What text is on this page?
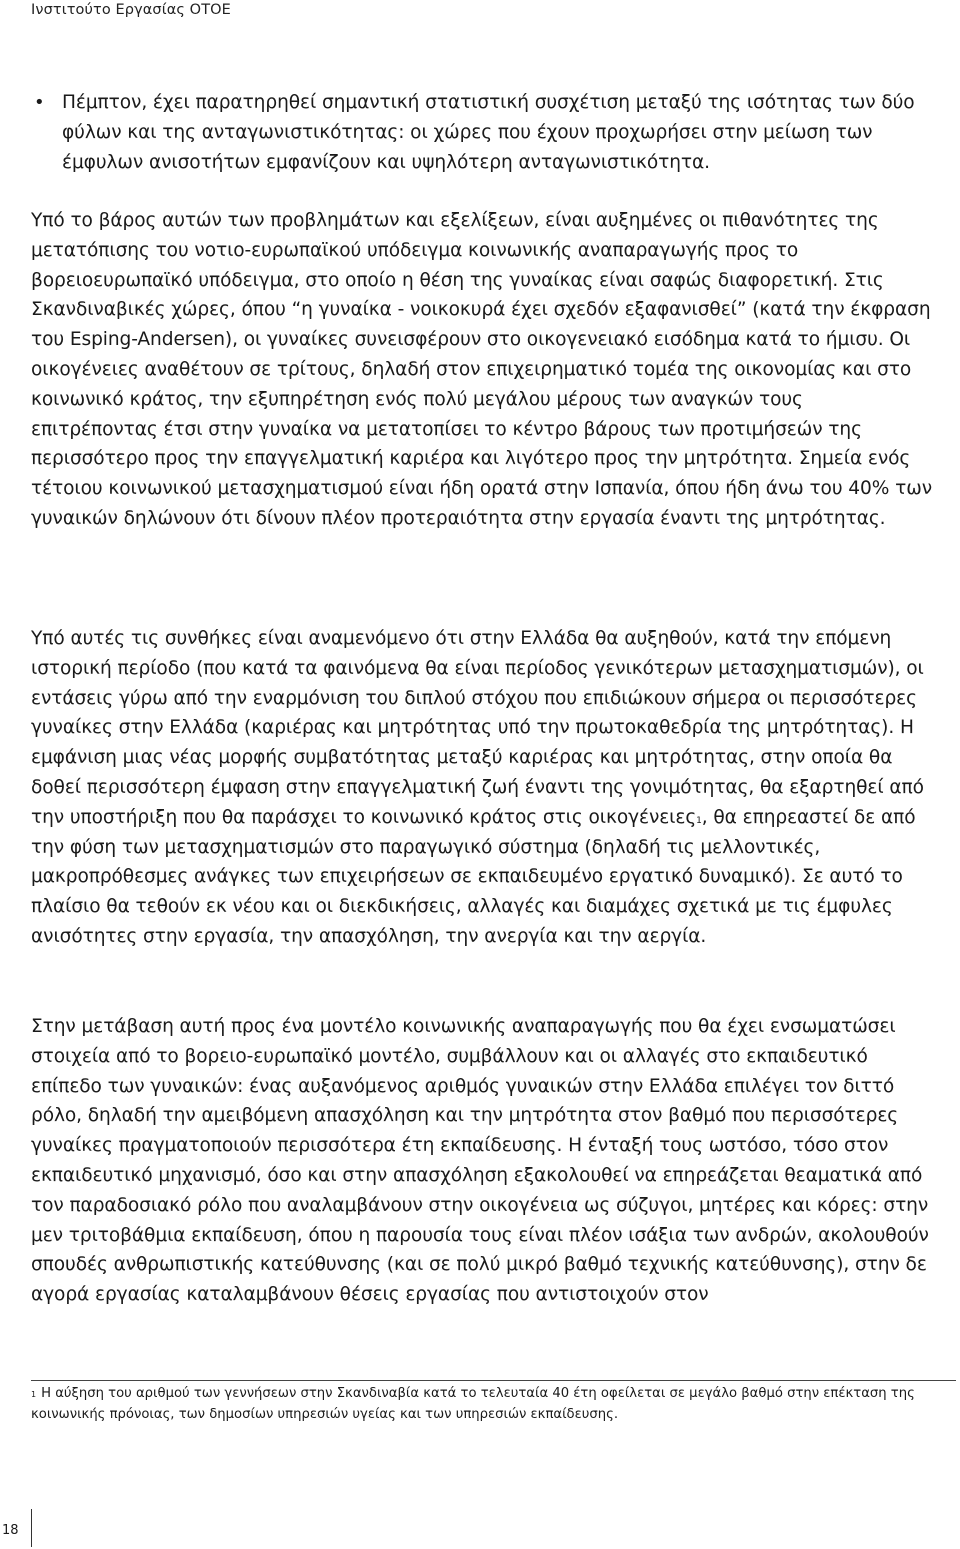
Ινστιτούτο Εργασίας ΟΤΟΕ
• Πέμπτον, έχει παρατηρηθεί σημαντική στατιστική συσχέτιση μεταξύ της ισότητας των δύο φύλων και της ανταγωνιστικότητας: οι χώρες που έχουν προχωρήσει στην μείωση των έμφυλων ανισοτήτων εμφανίζουν και υψηλότερη ανταγωνιστικότητα.

Υπό το βάρος αυτών των προβλημάτων και εξελίξεων, είναι αυξημένες οι πιθανότητες της μετατόπισης του νοτιο-ευρωπαϊκού υπόδειγμα κοινωνικής αναπαραγωγής προς το βορειοευρωπαϊκό υπόδειγμα, στο οποίο η θέση της γυναίκας είναι σαφώς διαφορετική. Στις Σκανδιναβικές χώρες, όπου “η γυναίκα - νοικοκυρά έχει σχεδόν εξαφανισθεί” (κατά την έκφραση του Esping-Andersen), οι γυναίκες συνεισφέρουν στο οικογενειακό εισόδημα κατά το ήμισυ. Οι οικογένειες αναθέτουν σε τρίτους, δηλαδή στον επιχειρηματικό τομέα της οικονομίας και στο κοινωνικό κράτος, την εξυπηρέτηση ενός πολύ μεγάλου μέρους των αναγκών τους επιτρέποντας έτσι στην γυναίκα να μετατοπίσει το κέντρο βάρους των προτιμήσεών της περισσότερο προς την επαγγελματική καριέρα και λιγότερο προς την μητρότητα. Σημεία ενός τέτοιου κοινωνικού μετασχηματισμού είναι ήδη ορατά στην Ισπανία, όπου ήδη άνω του 40% των γυναικών δηλώνουν ότι δίνουν πλέον προτεραιότητα στην εργασία έναντι της μητρότητας.

Υπό αυτές τις συνθήκες είναι αναμενόμενο ότι στην Ελλάδα θα αυξηθούν, κατά την επόμενη ιστορική περίοδο (που κατά τα φαινόμενα θα είναι περίοδος γενικότερων μετασχηματισμών), οι εντάσεις γύρω από την εναρμόνιση του διπλού στόχου που επιδιώκουν σήμερα οι περισσότερες γυναίκες στην Ελλάδα (καριέρας και μητρότητας υπό την πρωτοκαθεδρία της μητρότητας). Η εμφάνιση μιας νέας μορφής συμβατότητας μεταξύ καριέρας και μητρότητας, στην οποία θα δοθεί περισσότερη έμφαση στην επαγγελματική ζωή έναντι της γονιμότητας, θα εξαρτηθεί από την υποστήριξη που θα παράσχει το κοινωνικό κράτος στις οικογένειες$^1$, θα επηρεαστεί δε από την φύση των μετασχηματισμών στο παραγωγικό σύστημα (δηλαδή τις μελλοντικές, μακροπρόθεσμες ανάγκες των επιχειρήσεων σε εκπαιδευμένο εργατικό δυναμικό). Σε αυτό το πλαίσιο θα τεθούν εκ νέου και οι διεκδικήσεις, αλλαγές και διαμάχες σχετικά με τις έμφυλες ανισότητες στην εργασία, την απασχόληση, την ανεργία και την αεργία.

Στην μετάβαση αυτή προς ένα μοντέλο κοινωνικής αναπαραγωγής που θα έχει ενσωματώσει στοιχεία από το βορειο-ευρωπαϊκό μοντέλο, συμβάλλουν και οι αλλαγές στο εκπαιδευτικό επίπεδο των γυναικών: ένας αυξανόμενος αριθμός γυναικών στην Ελλάδα επιλέγει τον διττό ρόλο, δηλαδή την αμειβόμενη απασχόληση και την μητρότητα στον βαθμό που περισσότερες γυναίκες πραγματοποιούν περισσότερα έτη εκπαίδευσης. Η ένταξή τους ωστόσο, τόσο στον εκπαιδευτικό μηχανισμό, όσο και στην απασχόληση εξακολουθεί να επηρεάζεται θεαματικά από τον παραδοσιακό ρόλο που αναλαμβάνουν στην οικογένεια ως σύζυγοι, μητέρες και κόρες: στην μεν τριτοβάθμια εκπαίδευση, όπου η παρουσία τους είναι πλέον ισάξια των ανδρών, ακολουθούν σπουδές ανθρωπιστικής κατεύθυνσης (και σε πολύ μικρό βαθμό τεχνικής κατεύθυνσης), στην δε αγορά εργασίας καταλαμβάνουν θέσεις εργασίας που αντιστοιχούν στον

$^1$ Η αύξηση του αριθμού των γεννήσεων στην Σκανδιναβία κατά το τελευταία 40 έτη οφείλεται σε μεγάλο βαθμό στην επέκταση της κοινωνικής πρόνοιας, των δημοσίων υπηρεσιών υγείας και των υπηρεσιών εκπαίδευσης.

18
